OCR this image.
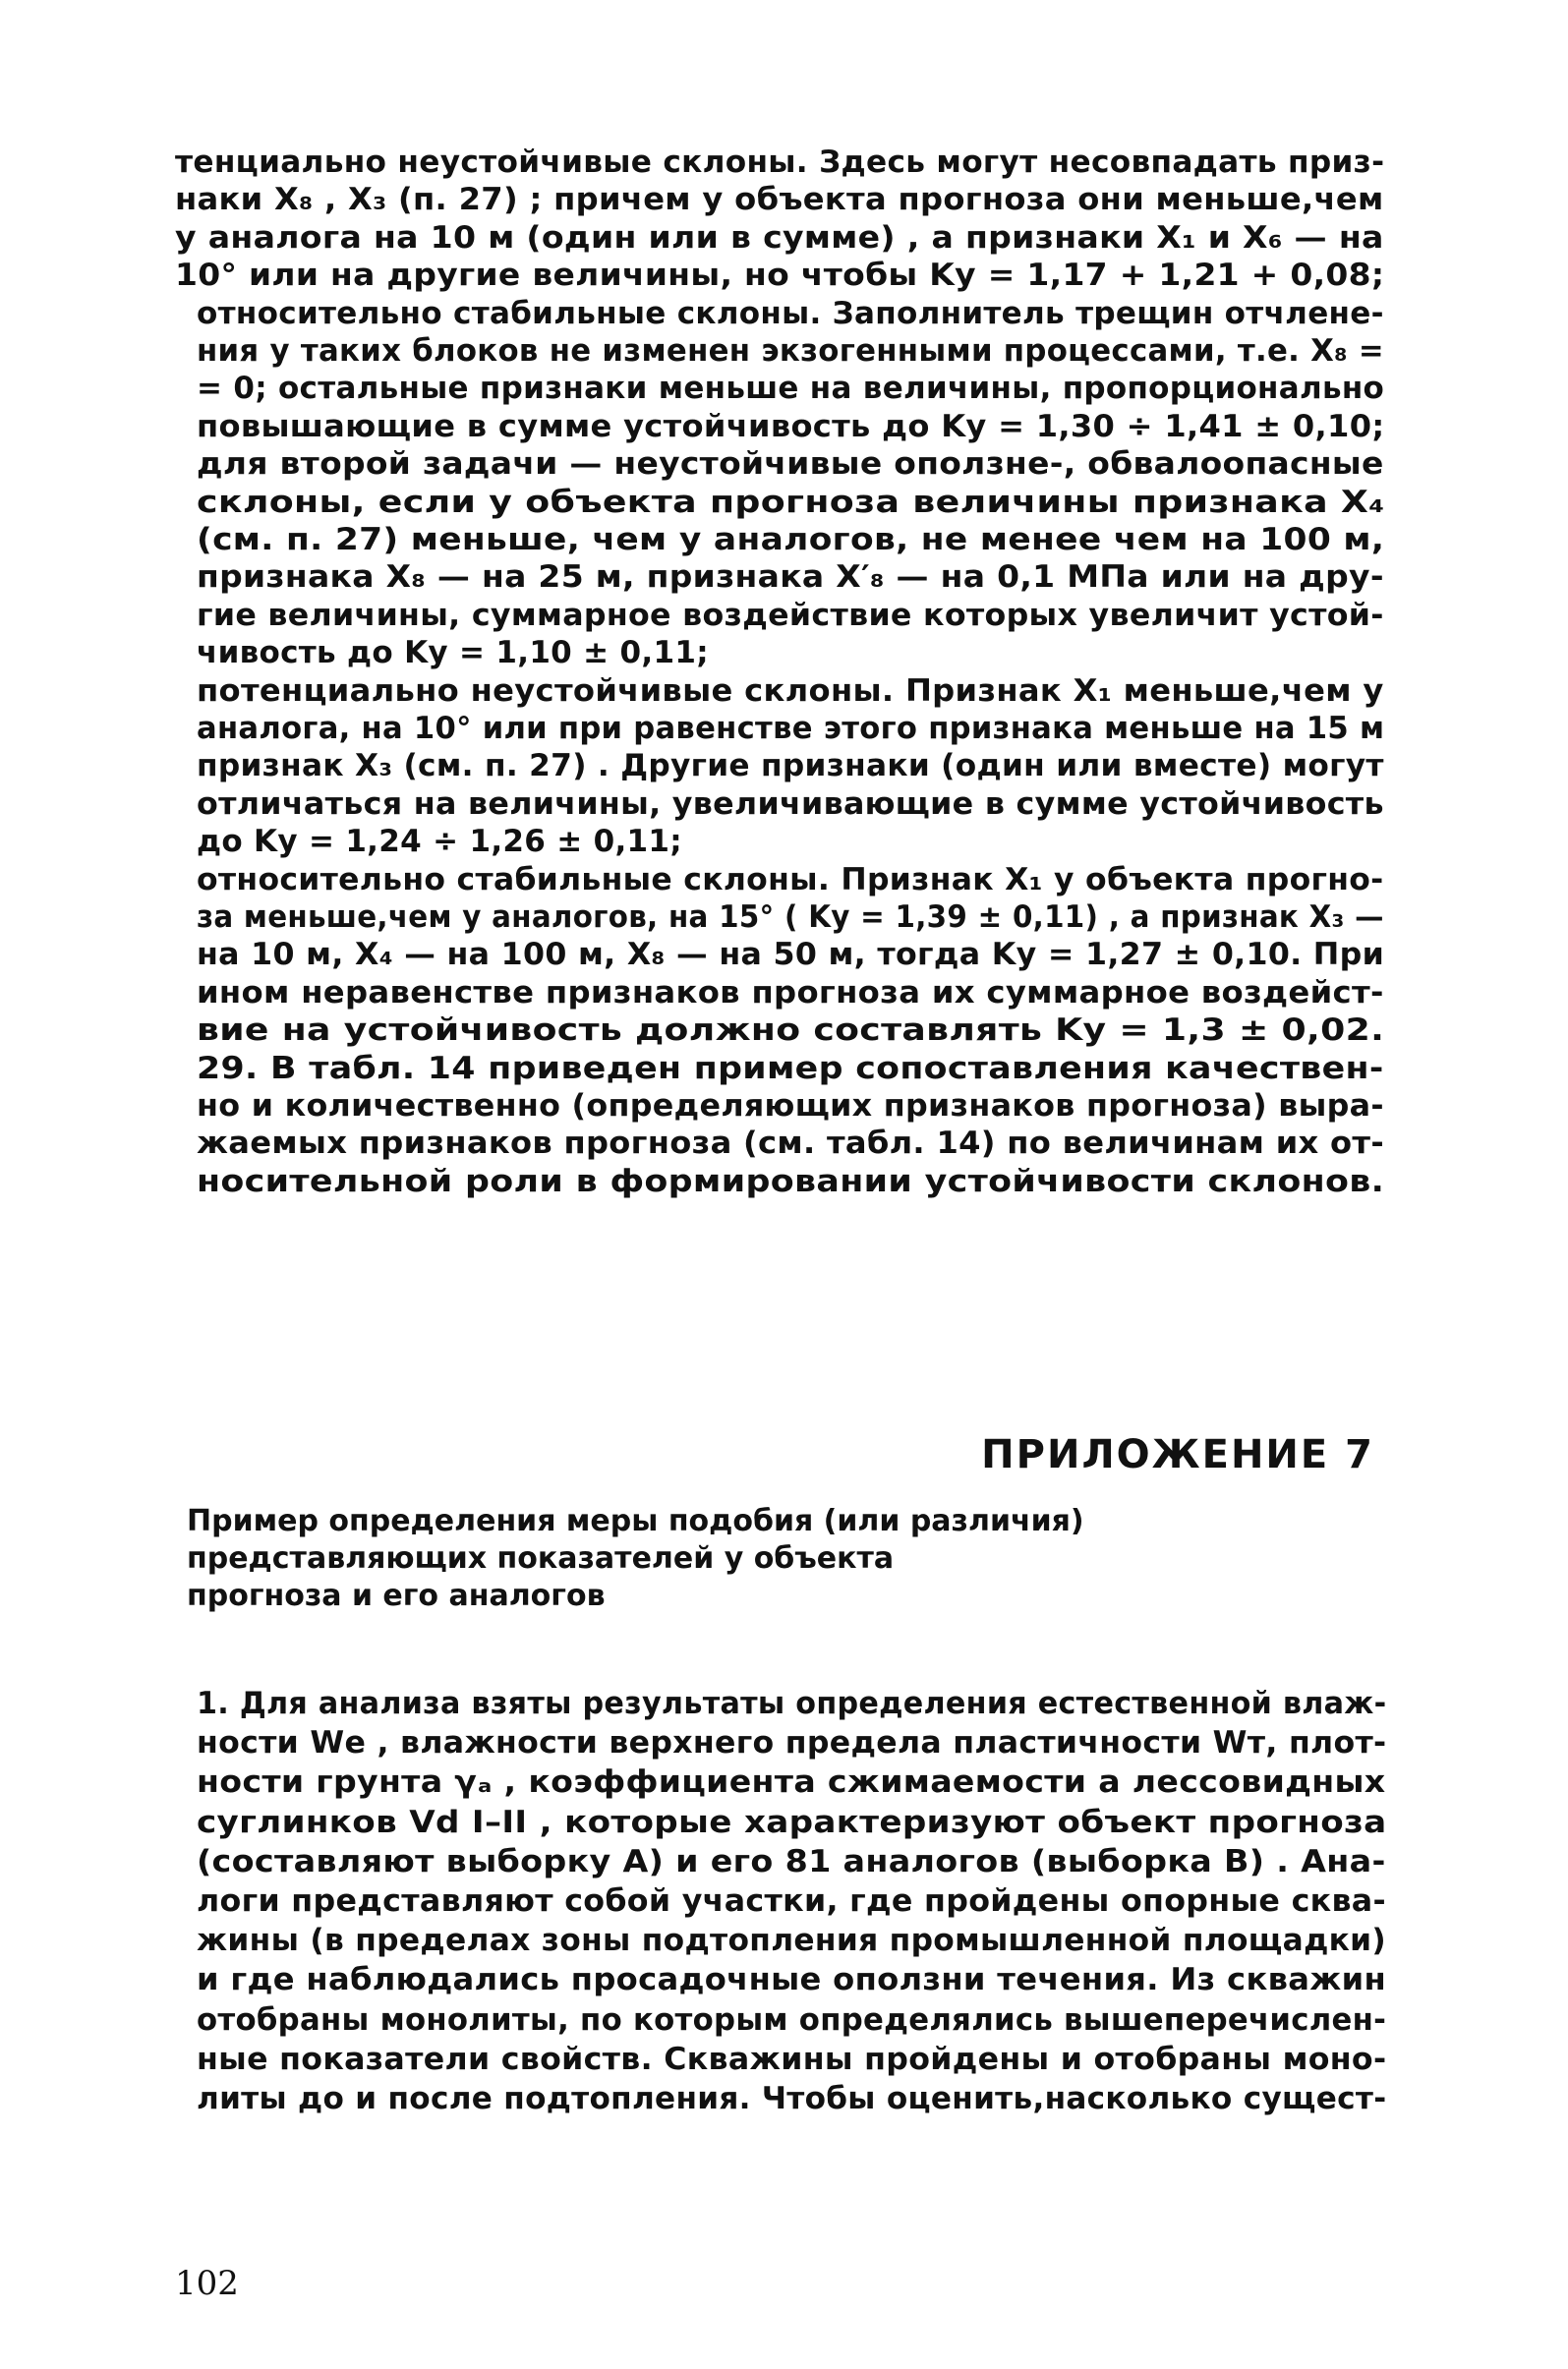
тенциально неустойчивые склоны. Здесь могут несовпадать приз-
наки X₈ , X₃ (п. 27) ; причем у объекта прогноза они меньше,чем
у аналога на 10 м (один или в сумме) , а признаки X₁ и X₆ — на
10° или на другие величины, но чтобы Kу = 1,17 + 1,21 + 0,08;
относительно стабильные склоны. Заполнитель трещин отчлене-
ния у таких блоков не изменен экзогенными процессами, т.е. X₈ =
= 0; остальные признаки меньше на величины, пропорционально
повышающие в сумме устойчивость до Kу = 1,30 ÷ 1,41 ± 0,10;
для второй задачи — неустойчивые оползне-, обвалоопасные
склоны, если у объекта прогноза величины признака X₄
(см. п. 27) меньше, чем у аналогов, не менее чем на 100 м,
признака X₈ — на 25 м, признака X′₈ — на 0,1 МПа или на дру-
гие величины, суммарное воздействие которых увеличит устой-
чивость до Kу = 1,10 ± 0,11;
потенциально неустойчивые склоны. Признак X₁ меньше,чем у
аналога, на 10° или при равенстве этого признака меньше на 15 м
признак X₃ (см. п. 27) . Другие признаки (один или вместе) могут
отличаться на величины, увеличивающие в сумме устойчивость
до Kу = 1,24 ÷ 1,26 ± 0,11;
относительно стабильные склоны. Признак X₁ у объекта прогно-
за меньше,чем у аналогов, на 15° ( Kу = 1,39 ± 0,11) , а признак X₃ —
на 10 м, X₄ — на 100 м, X₈ — на 50 м, тогда Kу = 1,27 ± 0,10. При
ином неравенстве признаков прогноза их суммарное воздейст-
вие на устойчивость должно составлять Kу = 1,3 ± 0,02.
29. В табл. 14 приведен пример сопоставления качествен-
но и количественно (определяющих признаков прогноза) выра-
жаемых признаков прогноза (см. табл. 14) по величинам их от-
носительной роли в формировании устойчивости склонов.
ПРИЛОЖЕНИЕ 7
Пример определения меры подобия (или различия)
представляющих показателей у объекта
прогноза и его аналогов
1. Для анализа взяты результаты определения естественной влаж-
ности Wе , влажности верхнего предела пластичности Wт, плот-
ности грунта γₐ , коэффициента сжимаемости a лессовидных
суглинков Vd I–II , которые характеризуют объект прогноза
(составляют выборку А) и его 81 аналогов (выборка В) . Ана-
логи представляют собой участки, где пройдены опорные сква-
жины (в пределах зоны подтопления промышленной площадки)
и где наблюдались просадочные оползни течения. Из скважин
отобраны монолиты, по которым определялись вышеперечислен-
ные показатели свойств. Скважины пройдены и отобраны моно-
литы до и после подтопления. Чтобы оценить,насколько сущест-
102
